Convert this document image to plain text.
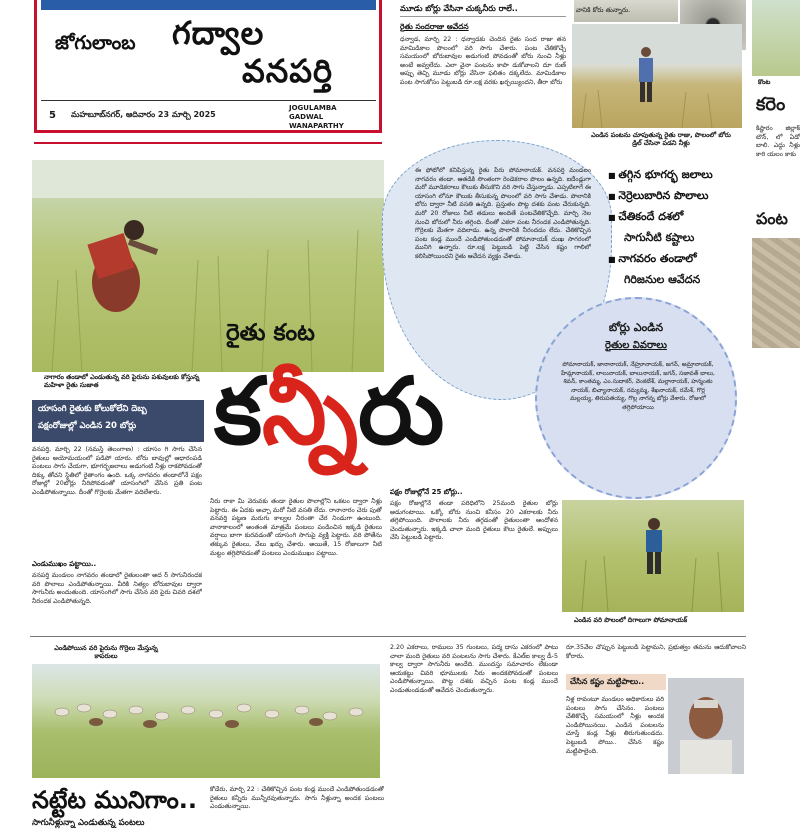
జోగులాంబ గద్వాల
వనపర్తి
5 మహబూబ్‌నగర్, ఆదివారం 23 మార్చి 2025
JOGULAMBA GADWAL WANAPARTHY
మూడు బోర్లు వేసినా చుక్కనీరు రాలే..
రైతు సందరాజు ఆవేదన
ధన్వాడ, మార్చి 22 : ధన్వాడకు చెందిన రైతు సంద రాజు తన మామిడికాల పొలంలో వరి సాగు చేశారు. పంట చేతికొచ్చే సమయంలో బోరుబావుల అడుగంటి పోవడంతో బోరు నుంచి నీళ్లు అంటే అవ్వలేదు. ఎలా వైనా పంటను కాపా డుకోవాలని దూ రుణ్ అప్పు తెచ్చి మూడు బోర్లు వేసినా ఫలితం దక్కలేదు. మామిడికాల పంట సాగుకోసం పెట్టుబడి రూ.లక్ష వరకు ఖర్చయ్యిందని, తీరా బోరు
వానికి కోరు తున్నారు.
ఎండిన పంటను చూపుతున్న రైతు రాజు, పొలంలో బోరు డ్రిల్ చేసినా పడని నీళ్లు
కొంట
కరెం
కిష్టారం జిల్లాక్ టౌన్, లో ఏడో బాలి. ఎద్దు నీళ్లు కారి యలం కాకు
పంట
నాగారం తండాలో ఎండుతున్న వరి పైరును పశువులకు కోస్తున్న మహిళా రైతు సుజాత
ఈ ఫోటోలో కనిపిస్తున్న రైతు పేరు పోమానాయక్. వనపర్తి మండలం నాగవరం తండా. ఆతడికి సొంతంగా రెండెకరాల పొలం ఉన్నది. ఐదేండ్లుగా మరో మూడెకరాలు కౌలుకు తీసుకొని వరి సాగు చేస్తున్నాడు. ఎప్పటిలాగే ఈ యాసంగి లోనూ కౌలుకు తీసుకున్న పొలంలో వరి సాగు చేశాడు. పొలానికి బోరు ద్వారా నీటి వసతి ఉన్నది. ప్రస్తుతం పొట్ట దశకు పంట చేరుకున్నది. మరో 20 రోజులు నీటి తడులు అందితే పంటచేతికొచ్చేది. మార్చి నెల నుంచి బోరులో నీరు తగ్గింది. దీంతో ఎకరా పంట నీరందక ఎండిపోతున్నది. గొర్రెలకు మేతగా వదిలాడు. ఉన్న పొలానికి నీరందడం లేదు. చేతికొచ్చిన పంట కండ్ల ముందే ఎండిపోతుండడంతో పోమానాయక్ దుఃఖ సాగరంలో మునిగి ఉన్నారు. రూ.లక్ష పెట్టుబడి పెట్టి చేసిన కష్టం గాలిలో కలిసిపోయిందని రైతు ఆవేదన వ్యక్తం చేశాడు.
■ తగ్గిన భూగర్భ జలాలు
■ నెర్రెలుబారిన పొలాలు
■ చేతికందే దశలో
సాగునీటి కష్టాలు
■ నాగవరం తండాలో
గిరిజనుల ఆవేదన
బోర్లు ఎండిన
రైతుల వివరాలు
పోమానాయక్, జానానాయక్, నేహ్రూనాయక్, జగన్, అమ్రానాయక్, హేమ్లానాయక్, లాలునాయక్, బాలునాయక్, జగన్, సజావత్ బాలు, శివన్, కాంతమ్మ, ఎం.సుదాకర్, వెంకటేశ్, మల్లానాయక్, హన్మంతు నాయక్, బిచ్యానాయక్, రమ్యమ్మ, శేఖనాయక్, రమేశ్, గొర్ల మల్లయ్య, తిరుపతయ్య, గొల్ల నాగన్న బోర్లు వేశారు. రోజులో తగ్గిపోయాయి
రైతు కంట
కన్నీరు
యాసంగి రైతుకు కోలుకోలేని దెబ్బ
పక్షంరోజుల్లో ఎండిన 20 బోర్లు
వనపర్తి, మార్చి 22 (నమస్తే తెలంగాణ) : యాసం గి సాగు చేసిన రైతులు అయోమయంలో పడిపో యారు. బోరు బావుల్లో ఆధారంపడి పంటలు సాగు చేయగా, భూగర్భజలాలు అడుగంటి నీళ్లు రాకపోవడంతో దిక్కు తోచని స్థితిలో రైతాంగం ఉంది. ఒక్క నాగవరం తండాలోనే పక్షం రోజుల్లో 20బోర్లు నీరిపోవడంతో యాసంగిలో వేసిన ప్రతి పంట ఎండిపోతున్నాయి. దీంతో గొర్రెలకు మేతగా వదిలేశారు.
ఎండుముఖం పట్టాయి..
వనపర్తి మండలం నాగవరం తండాలో రైతులంతా అద ర్ సాగునీరందక వరి పొలాలు ఎండిపోతున్నాయి. వీరికి నిత్యం బోరుబావుల ద్వారా సాగునీరు అందుతుంది. యాసంగిలో సాగు చేసిన వరి పైరు చివరి దశలో నీరందక ఎండిపోతున్నది.
నీరు రాకా మీ వెరువకు తండా రైతుల పొలాల్లోని ఒకటం ద్వారా నీళ్లు పెట్టారు. ఈ ఏదకు అచ్చా మరో నీటి వసతి లేదు. రానానారం చెరు పుతో వనవర్తి పట్టణ మరుగు కాల్వల నీరంతా చేర నిండుగా ఉంటుంది. వానాకాలంలో అంతంత మాత్రమే పంటలు పండించిన ఇక్కడి రైతులు వర్షాలు బాగా కురవడంతో యాసంగి సాగుపై వ్యక్తి పెట్టారు. వరి పోతేను తక్కువ రైతులు, వేలు ఖర్చు చేశారు. అయితే, 15 రోజులుగా నీటి మట్టం తగ్గిపోవడంతో పంటలు ఎండుముఖం పట్టాయి.
పక్షం రోజుల్లోనే 25 బోర్లు..
పక్షం రోజుల్లోనే తండా పరిధిలోని 25మంది రైతుల బోర్లు అడుగంటాయి. ఒక్కో బోరు నుంచి కనీసం 20 ఎకరాలకు నీరు తగ్గిపోయింది. పొలాలకు నీరు తగ్గడంతో రైతులంతా ఆందోళన చెందుతున్నారు. ఇక్కడి చాలా మంది రైతులు కౌలు రైతులే. అప్పులు చేసి పెట్టుబడి పెట్టారు.
ఎండిన వరి పొలంలో దిగాలుగా పోమానాయక్
ఎండిపోయిన వరి పైరును గొర్రెలు మేస్తున్న కాపరులు
నట్టేట మునిగాం..
సాగునీళ్లున్నా ఎండుతున్న పంటలు
కోడేరు, మార్చి 22 : చేతికొచ్చిన పంట కండ్ల ముందే ఎండిపోతుండడంతో రైతులు కన్నీరు మున్నీరవుతున్నారు. సాగు నీళ్లున్నా అందక పంటలు ఎండుతున్నాయి.
2.20 ఎకరాలు, రాములు 35 గుంటలు, పద్మ దాసు ఎకరంలో పాటు చాలా మంది రైతులు వరి పంటలను సాగు చేశారు. కేఎల్‌ఐ కాల్వ డీ-5 కాల్వ ద్వారా సాగునీరు అందేది. ముందస్తు సమాచారం లేకుండా ఆయకట్టు చివరి భూములకు నీరు అందకపోవడంతో పంటలు ఎండిపోతున్నాయి. పొట్ట దశకు వచ్చిన పంట కండ్ల ముందే ఎండుతుండడంతో ఆవేదన చెందుతున్నారు.
రూ.35వేల చొప్పున పెట్టుబడి పెట్టామని, ప్రభుత్వం తమను ఆదుకోవాలని కోరారు.
చేసిన కష్టం మట్టిపాలు..
నీళ్ల రావంటూ మండలం అధికారులు వరి పంటలు సాగు చేసినం. పంటలు చేతికొచ్చే సమయంలో నీళ్లు అందక ఎండిపోయినయి. ఎండిన పంటలను చూస్తే కండ్ల నీళ్లు తిరుగుతుండదు. పెట్టుబడి పోయి.. చేసిన కష్టం మట్టిపాలైంది.
